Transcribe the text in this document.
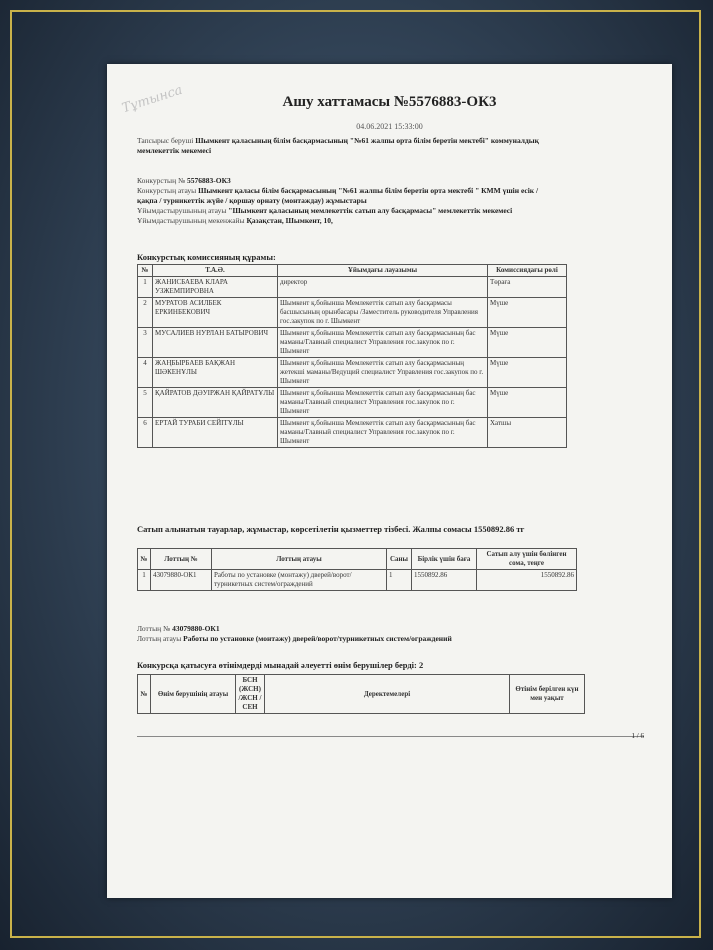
Тұтынса	Ашу хаттамасы №5576883-ОК3
04.06.2021 15:33:00
Тапсырыс беруші Шымкент қаласының білім басқармасының "№61 жалпы орта білім беретін мектебі" коммуналдық мемлекеттік мекемесі
Конкурстың № 5576883-ОК3
Конкурстың атауы Шымкент қаласы білім басқармасының "№61 жалпы білім беретін орта мектебі " КММ үшін есік / қақпа / турникеттік жүйе / қоршау орнату (монтаждау) жұмыстары
Ұйымдастырушының атауы "Шымкент қаласының мемлекеттік сатып алу басқармасы" мемлекеттік мекемесі
Ұйымдастырушының мекенжайы Қазақстан, Шымкент, 10,
Конкурстық комиссияның құрамы:
№	Т.А.Ә.	Ұйымдағы лауазымы	Комиссиядағы рөлі
1	ЖАНИСБАЕВА КЛАРА УЗЖЕМПИРОВНА	директор	Төраға
2	МУРАТОВ АСИЛБЕК ЕРКИНБЕКОВИЧ	Шымкент қ.бойынша Мемлекеттік сатып алу басқармасы басшысының орынбасары /Заместитель руководителя Управления гос.закупок по г. Шымкент	Мүше
3	МУСАЛИЕВ НУРЛАН БАТЫРОВИЧ	Шымкент қ.бойынша Мемлекеттік сатып алу басқармасының бас маманы/Главный специалист Управления гос.закупок по г. Шымкент	Мүше
4	ЖАҢБЫРБАЕВ БАҚЖАН ШӘКЕНҰЛЫ	Шымкент қ.бойынша Мемлекеттік сатып алу басқармасының жетекші маманы/Ведущий специалист Управления гос.закупок по г. Шымкент	Мүше
5	ҚАЙРАТОВ ДӘУІРЖАН ҚАЙРАТҰЛЫ	Шымкент қ.бойынша Мемлекеттік сатып алу басқармасының бас маманы/Главный специалист Управления гос.закупок по г. Шымкент	Мүше
6	ЕРТАЙ ТУРАБИ СЕЙІТҰЛЫ	Шымкент қ.бойынша Мемлекеттік сатып алу басқармасының бас маманы/Главный специалист Управления гос.закупок по г. Шымкент	Хатшы
Сатып алынатын тауарлар, жұмыстар, көрсетілетін қызметтер тізбесі. Жалпы сомасы 1550892.86 тг
№	Лоттың №	Лоттың атауы	Саны	Бірлік үшін баға	Сатып алу үшін бөлінген сома, теңге
1	43079880-ОК1	Работы по установке (монтажу) дверей/ворот/турникетных систем/ограждений	1	1550892.86	1550892.86
Лоттың № 43079880-ОК1
Лоттың атауы Работы по установке (монтажу) дверей/ворот/турникетных систем/ограждений
Конкурсқа қатысуға өтінімдерді мынадай әлеуетті өнім берушілер берді: 2
№	Өнім берушінің атауы	БСН (ЖСН) /ЖСН /СЕН	Деректемелері	Өтінім берілген күн мен уақыт
1 / 6
